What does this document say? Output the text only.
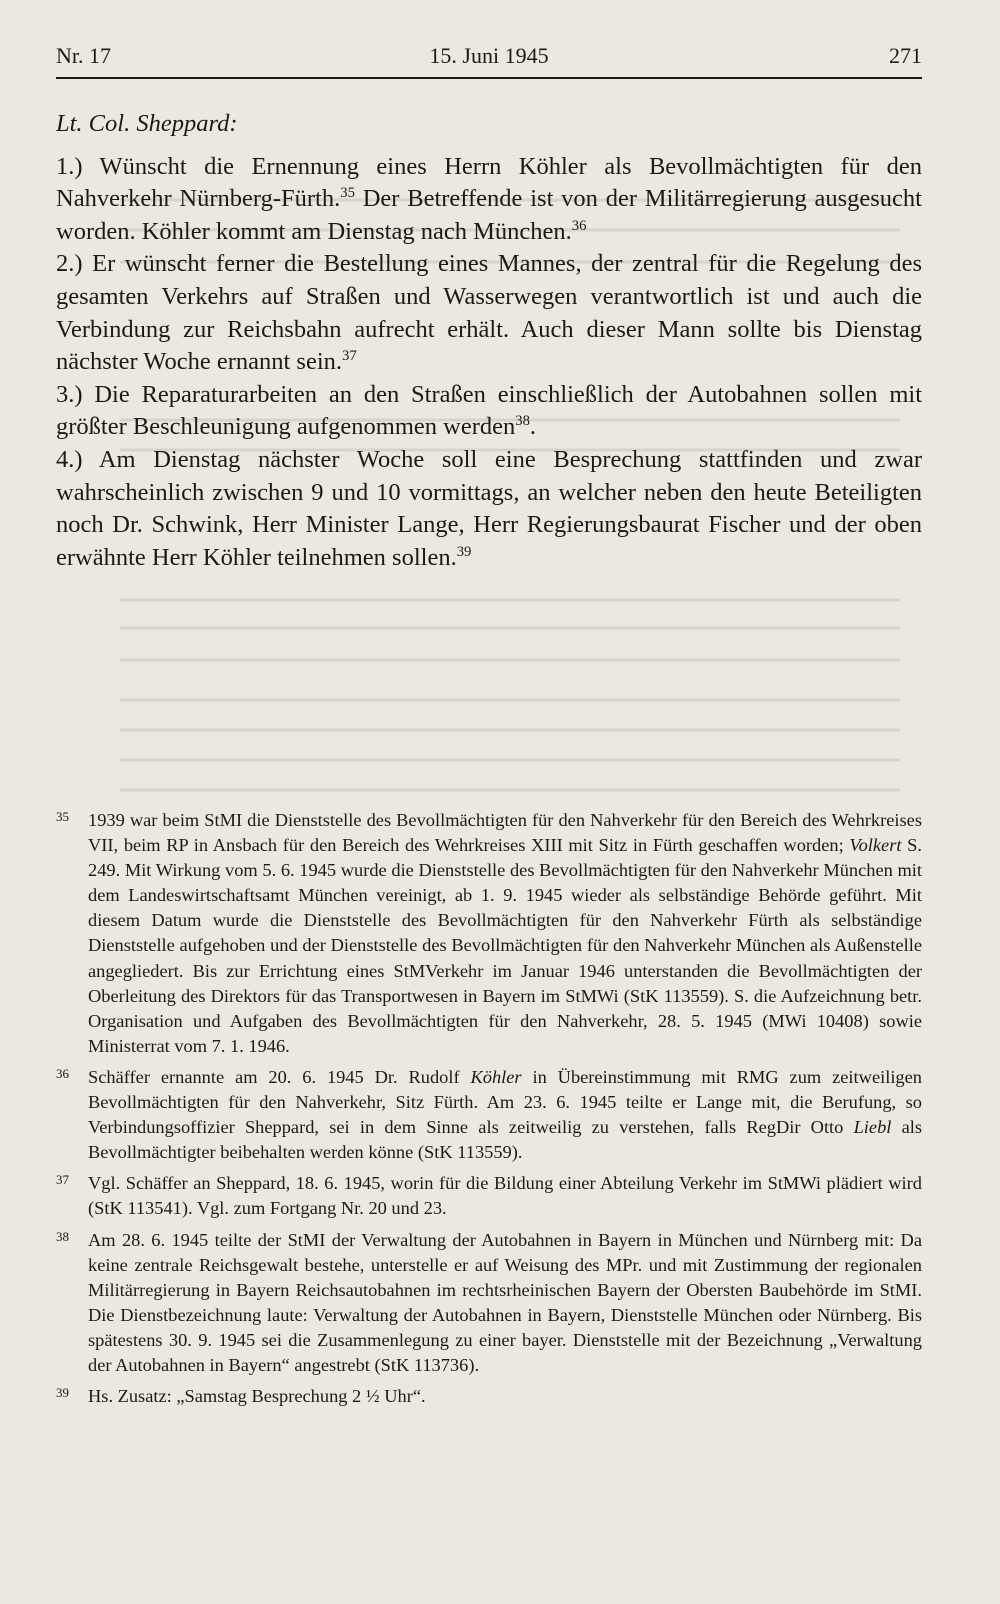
15. Juni 1945
Nr. 17	271

Lt. Col. Sheppard:

1.) Wünscht die Ernennung eines Herrn Köhler als Bevollmächtigten für den Nahverkehr Nürnberg-Fürth.$^{35}$ Der Betreffende ist von der Militärregierung ausgesucht worden. Köhler kommt am Dienstag nach München.$^{36}$

2.) Er wünscht ferner die Bestellung eines Mannes, der zentral für die Regelung des gesamten Verkehrs auf Straßen und Wasserwegen verantwortlich ist und auch die Verbindung zur Reichsbahn aufrecht erhält. Auch dieser Mann sollte bis Dienstag nächster Woche ernannt sein.$^{37}$

3.) Die Reparaturarbeiten an den Straßen einschließlich der Autobahnen sollen mit größter Beschleunigung aufgenommen werden$^{38}$.

4.) Am Dienstag nächster Woche soll eine Besprechung stattfinden und zwar wahrscheinlich zwischen 9 und 10 vormittags, an welcher neben den heute Beteiligten noch Dr. Schwink, Herr Minister Lange, Herr Regierungsbaurat Fischer und der oben erwähnte Herr Köhler teilnehmen sollen.$^{39}$

35 1939 war beim StMI die Dienststelle des Bevollmächtigten für den Nahverkehr für den Bereich des Wehrkreises VII, beim RP in Ansbach für den Bereich des Wehrkreises XIII mit Sitz in Fürth geschaffen worden; Volkert S. 249. Mit Wirkung vom 5. 6. 1945 wurde die Dienststelle des Bevollmächtigten für den Nahverkehr München mit dem Landeswirtschaftsamt München vereinigt, ab 1. 9. 1945 wieder als selbständige Behörde geführt. Mit diesem Datum wurde die Dienststelle des Bevollmächtigten für den Nahverkehr Fürth als selbständige Dienststelle aufgehoben und der Dienststelle des Bevollmächtigten für den Nahverkehr München als Außenstelle angegliedert. Bis zur Errichtung eines StMVerkehr im Januar 1946 unterstanden die Bevollmächtigten der Oberleitung des Direktors für das Transportwesen in Bayern im StMWi (StK 113559). S. die Aufzeichnung betr. Organisation und Aufgaben des Bevollmächtigten für den Nahverkehr, 28. 5. 1945 (MWi 10408) sowie Ministerrat vom 7. 1. 1946.

36 Schäffer ernannte am 20. 6. 1945 Dr. Rudolf Köhler in Übereinstimmung mit RMG zum zeitweiligen Bevollmächtigten für den Nahverkehr, Sitz Fürth. Am 23. 6. 1945 teilte er Lange mit, die Berufung, so Verbindungsoffizier Sheppard, sei in dem Sinne als zeitweilig zu verstehen, falls RegDir Otto Liebl als Bevollmächtigter beibehalten werden könne (StK 113559).

37 Vgl. Schäffer an Sheppard, 18. 6. 1945, worin für die Bildung einer Abteilung Verkehr im StMWi plädiert wird (StK 113541). Vgl. zum Fortgang Nr. 20 und 23.

38 Am 28. 6. 1945 teilte der StMI der Verwaltung der Autobahnen in Bayern in München und Nürnberg mit: Da keine zentrale Reichsgewalt bestehe, unterstelle er auf Weisung des MPr. und mit Zustimmung der regionalen Militärregierung in Bayern Reichsautobahnen im rechtsrheinischen Bayern der Obersten Baubehörde im StMI. Die Dienstbezeichnung laute: Verwaltung der Autobahnen in Bayern, Dienststelle München oder Nürnberg. Bis spätestens 30. 9. 1945 sei die Zusammenlegung zu einer bayer. Dienststelle mit der Bezeichnung „Verwaltung der Autobahnen in Bayern“ angestrebt (StK 113736).

39 Hs. Zusatz: „Samstag Besprechung 2 ½ Uhr“.
